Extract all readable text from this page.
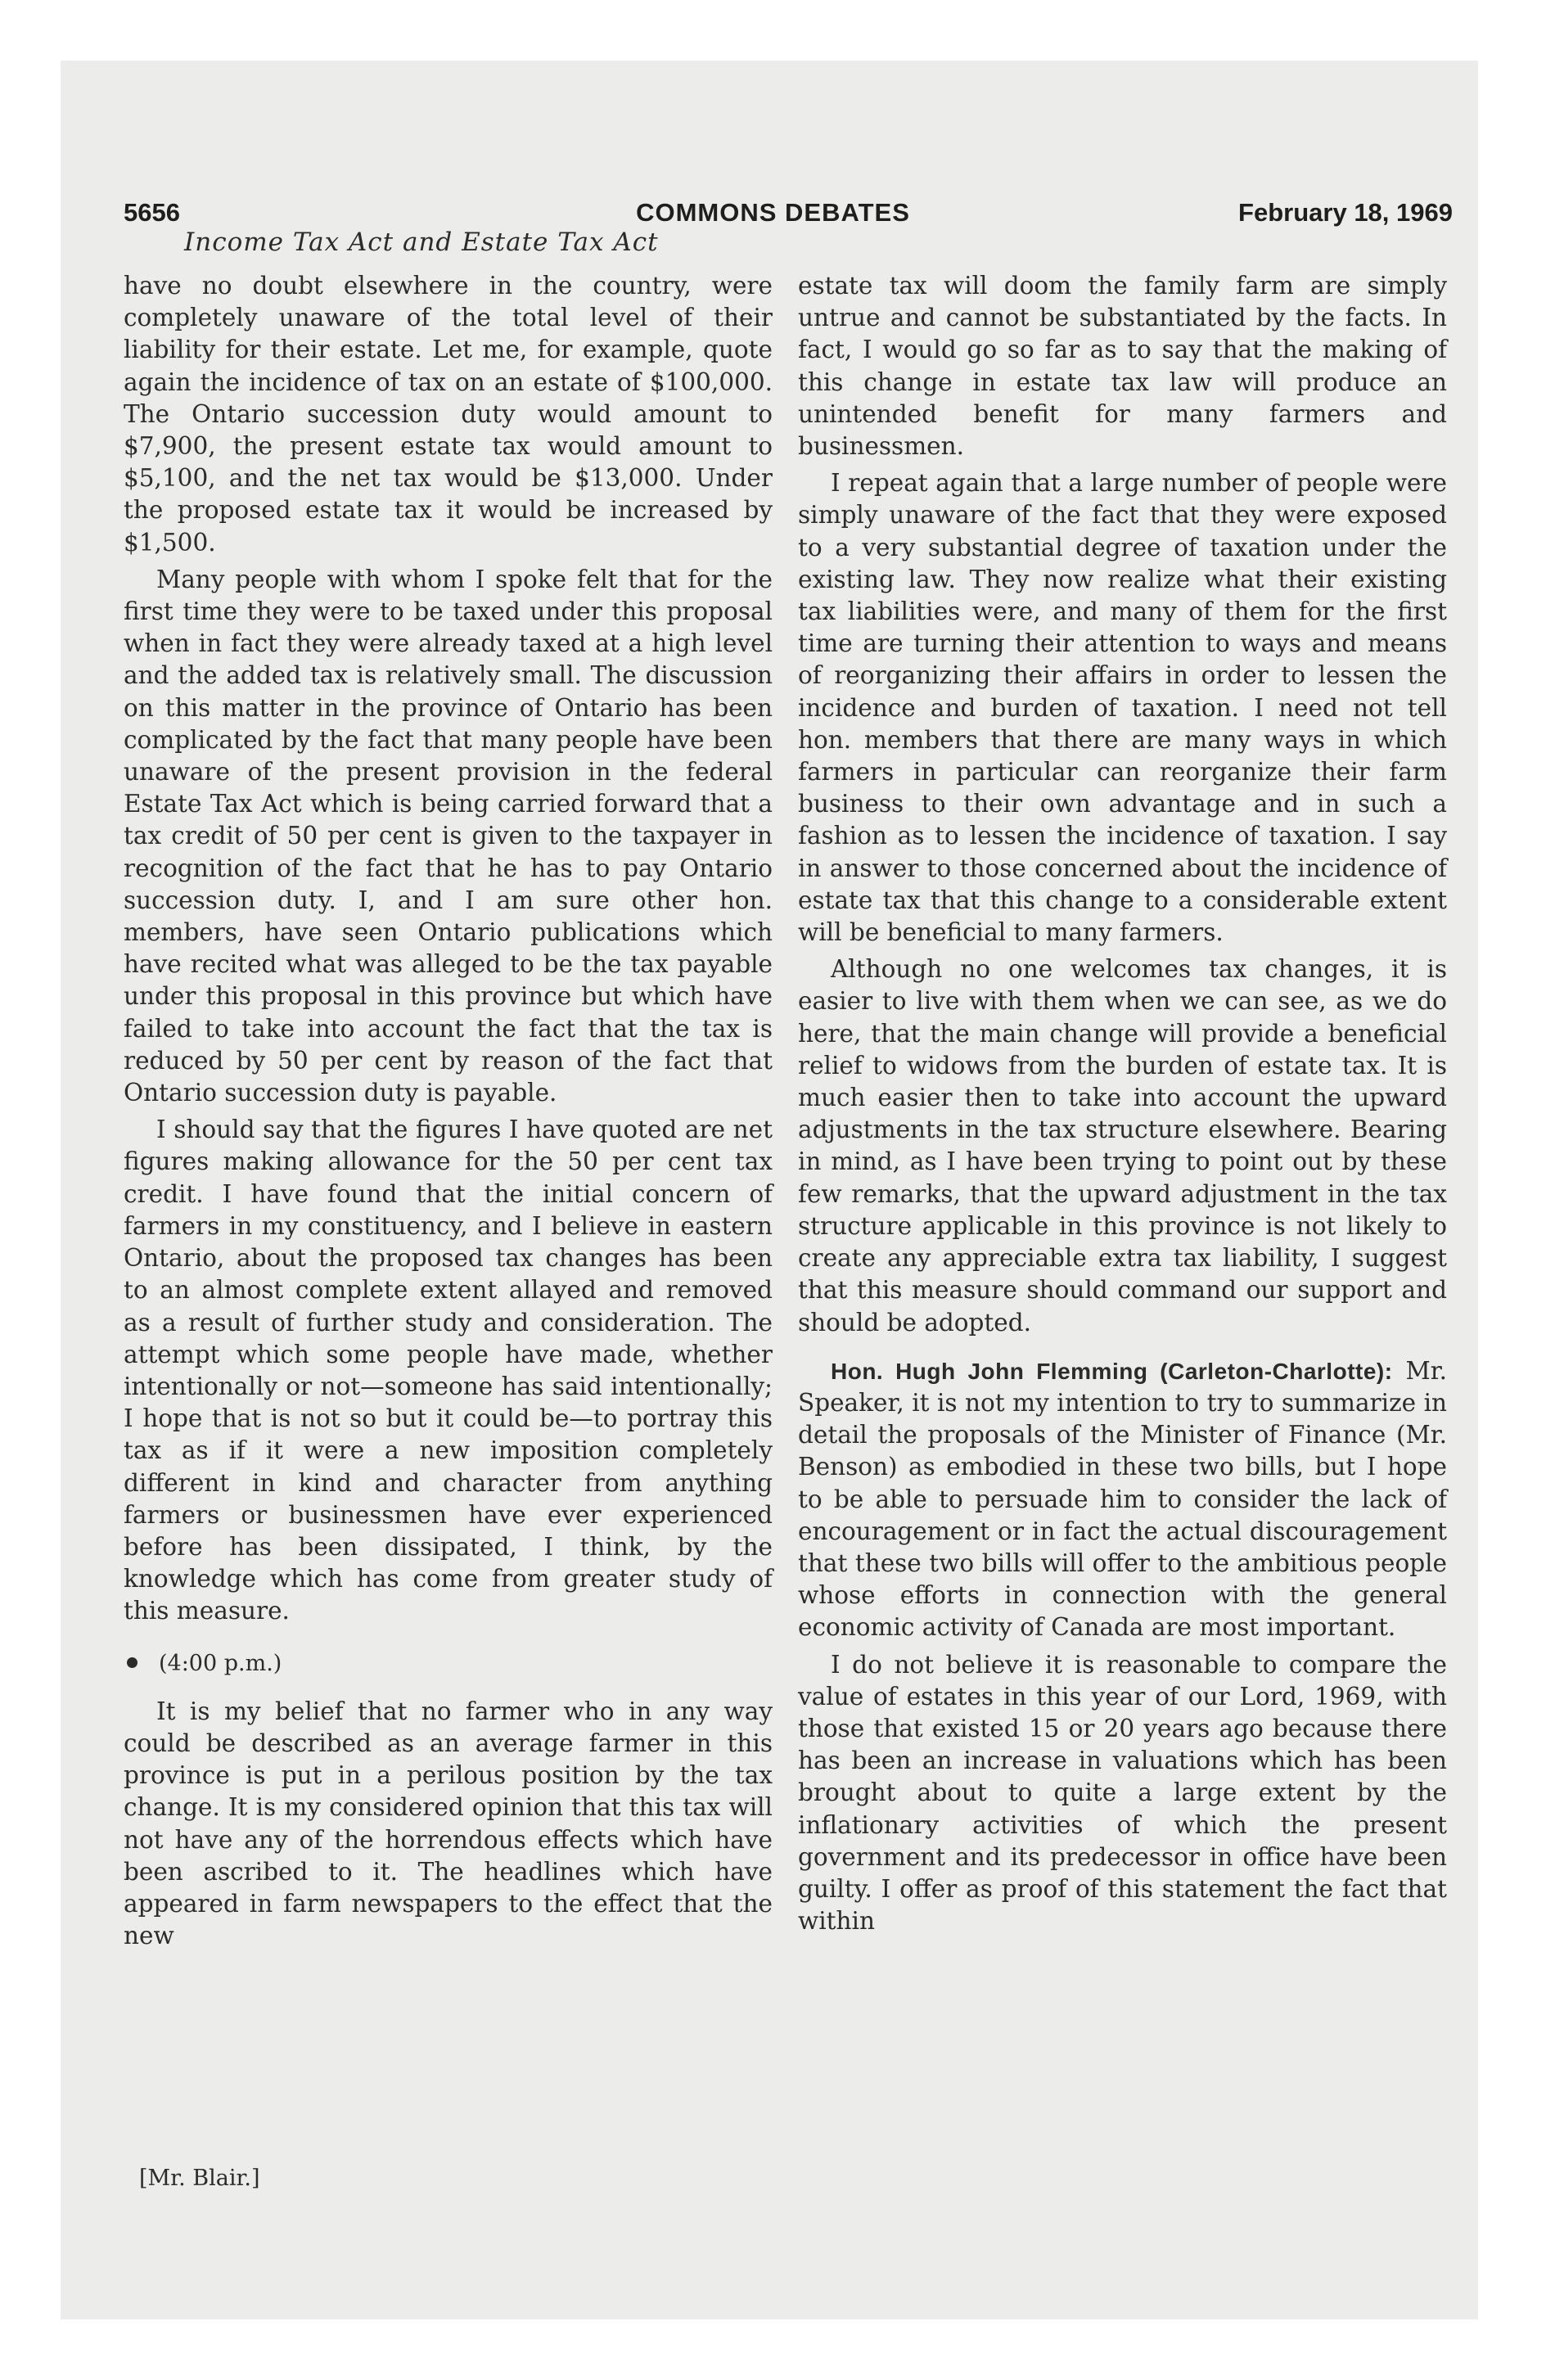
5656	COMMONS DEBATES	February 18, 1969
Income Tax Act and Estate Tax Act

have no doubt elsewhere in the country, were completely unaware of the total level of their liability for their estate. Let me, for example, quote again the incidence of tax on an estate of $100,000. The Ontario succession duty would amount to $7,900, the present estate tax would amount to $5,100, and the net tax would be $13,000. Under the proposed estate tax it would be increased by $1,500.

Many people with whom I spoke felt that for the first time they were to be taxed under this proposal when in fact they were already taxed at a high level and the added tax is relatively small. The discussion on this matter in the province of Ontario has been complicated by the fact that many people have been unaware of the present provision in the federal Estate Tax Act which is being carried forward that a tax credit of 50 per cent is given to the taxpayer in recognition of the fact that he has to pay Ontario succession duty. I, and I am sure other hon. members, have seen Ontario publications which have recited what was alleged to be the tax payable under this proposal in this province but which have failed to take into account the fact that the tax is reduced by 50 per cent by reason of the fact that Ontario succession duty is payable.

I should say that the figures I have quoted are net figures making allowance for the 50 per cent tax credit. I have found that the initial concern of farmers in my constituency, and I believe in eastern Ontario, about the proposed tax changes has been to an almost complete extent allayed and removed as a result of further study and consideration. The attempt which some people have made, whether intentionally or not—someone has said intentionally; I hope that is not so but it could be—to portray this tax as if it were a new imposition completely different in kind and character from anything farmers or businessmen have ever experienced before has been dissipated, I think, by the knowledge which has come from greater study of this measure.

(4:00 p.m.)

It is my belief that no farmer who in any way could be described as an average farmer in this province is put in a perilous position by the tax change. It is my considered opinion that this tax will not have any of the horrendous effects which have been ascribed to it. The headlines which have appeared in farm newspapers to the effect that the new

[Mr. Blair.]

estate tax will doom the family farm are simply untrue and cannot be substantiated by the facts. In fact, I would go so far as to say that the making of this change in estate tax law will produce an unintended benefit for many farmers and businessmen.

I repeat again that a large number of people were simply unaware of the fact that they were exposed to a very substantial degree of taxation under the existing law. They now realize what their existing tax liabilities were, and many of them for the first time are turning their attention to ways and means of reorganizing their affairs in order to lessen the incidence and burden of taxation. I need not tell hon. members that there are many ways in which farmers in particular can reorganize their farm business to their own advantage and in such a fashion as to lessen the incidence of taxation. I say in answer to those concerned about the incidence of estate tax that this change to a considerable extent will be beneficial to many farmers.

Although no one welcomes tax changes, it is easier to live with them when we can see, as we do here, that the main change will provide a beneficial relief to widows from the burden of estate tax. It is much easier then to take into account the upward adjustments in the tax structure elsewhere. Bearing in mind, as I have been trying to point out by these few remarks, that the upward adjustment in the tax structure applicable in this province is not likely to create any appreciable extra tax liability, I suggest that this measure should command our support and should be adopted.

Hon. Hugh John Flemming (Carleton-Charlotte): Mr. Speaker, it is not my intention to try to summarize in detail the proposals of the Minister of Finance (Mr. Benson) as embodied in these two bills, but I hope to be able to persuade him to consider the lack of encouragement or in fact the actual discouragement that these two bills will offer to the ambitious people whose efforts in connection with the general economic activity of Canada are most important.

I do not believe it is reasonable to compare the value of estates in this year of our Lord, 1969, with those that existed 15 or 20 years ago because there has been an increase in valuations which has been brought about to quite a large extent by the inflationary activities of which the present government and its predecessor in office have been guilty. I offer as proof of this statement the fact that within
